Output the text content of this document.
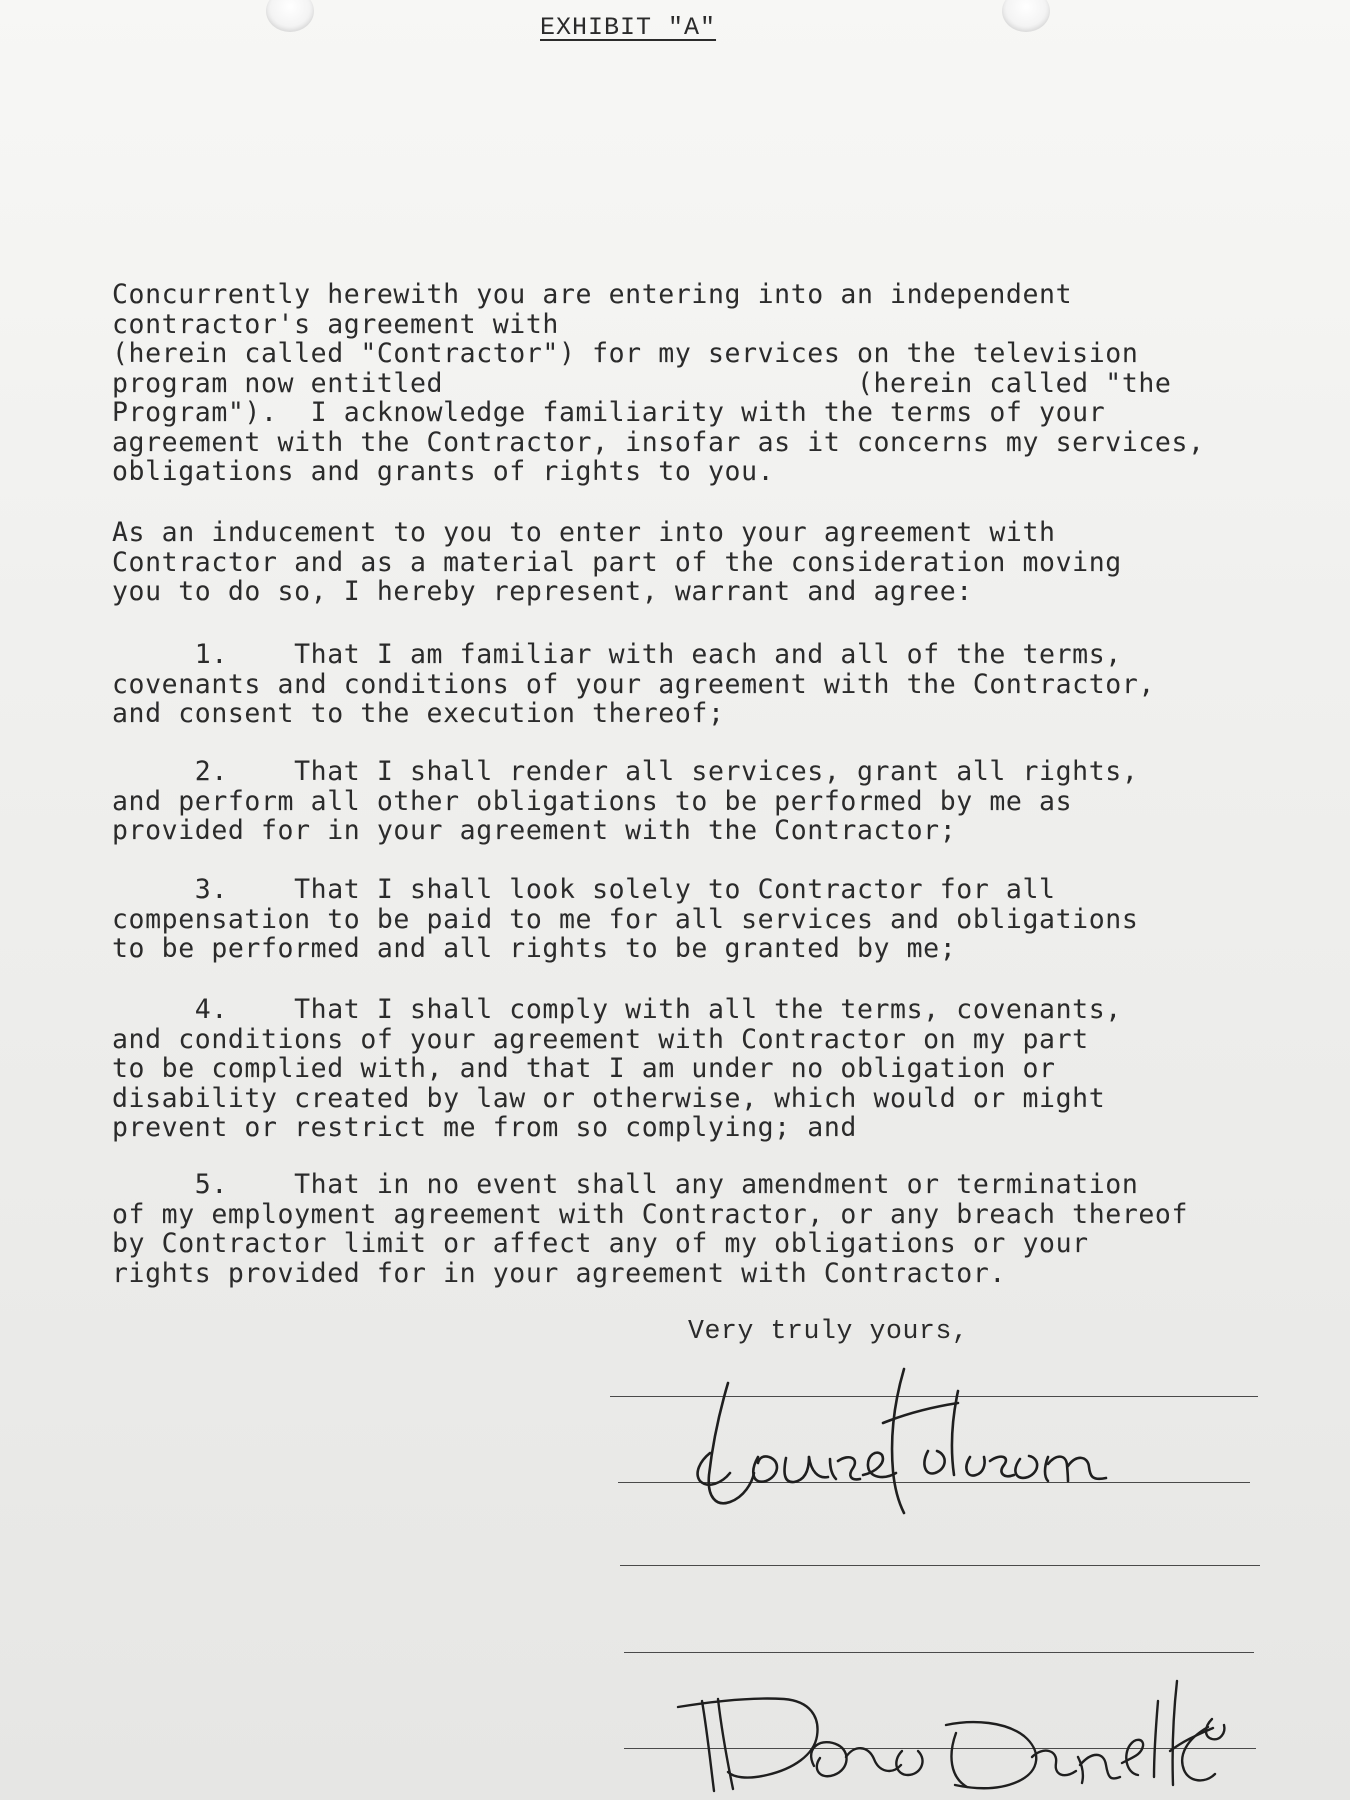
EXHIBIT "A"
Concurrently herewith you are entering into an independent
contractor's agreement with
(herein called "Contractor") for my services on the television
program now entitled                         (herein called "the
Program").  I acknowledge familiarity with the terms of your
agreement with the Contractor, insofar as it concerns my services,
obligations and grants of rights to you.
As an inducement to you to enter into your agreement with
Contractor and as a material part of the consideration moving
you to do so, I hereby represent, warrant and agree:
1.    That I am familiar with each and all of the terms,
covenants and conditions of your agreement with the Contractor,
and consent to the execution thereof;
2.    That I shall render all services, grant all rights,
and perform all other obligations to be performed by me as
provided for in your agreement with the Contractor;
3.    That I shall look solely to Contractor for all
compensation to be paid to me for all services and obligations
to be performed and all rights to be granted by me;
4.    That I shall comply with all the terms, covenants,
and conditions of your agreement with Contractor on my part
to be complied with, and that I am under no obligation or
disability created by law or otherwise, which would or might
prevent or restrict me from so complying; and
5.    That in no event shall any amendment or termination
of my employment agreement with Contractor, or any breach thereof
by Contractor limit or affect any of my obligations or your
rights provided for in your agreement with Contractor.
Very truly yours,
